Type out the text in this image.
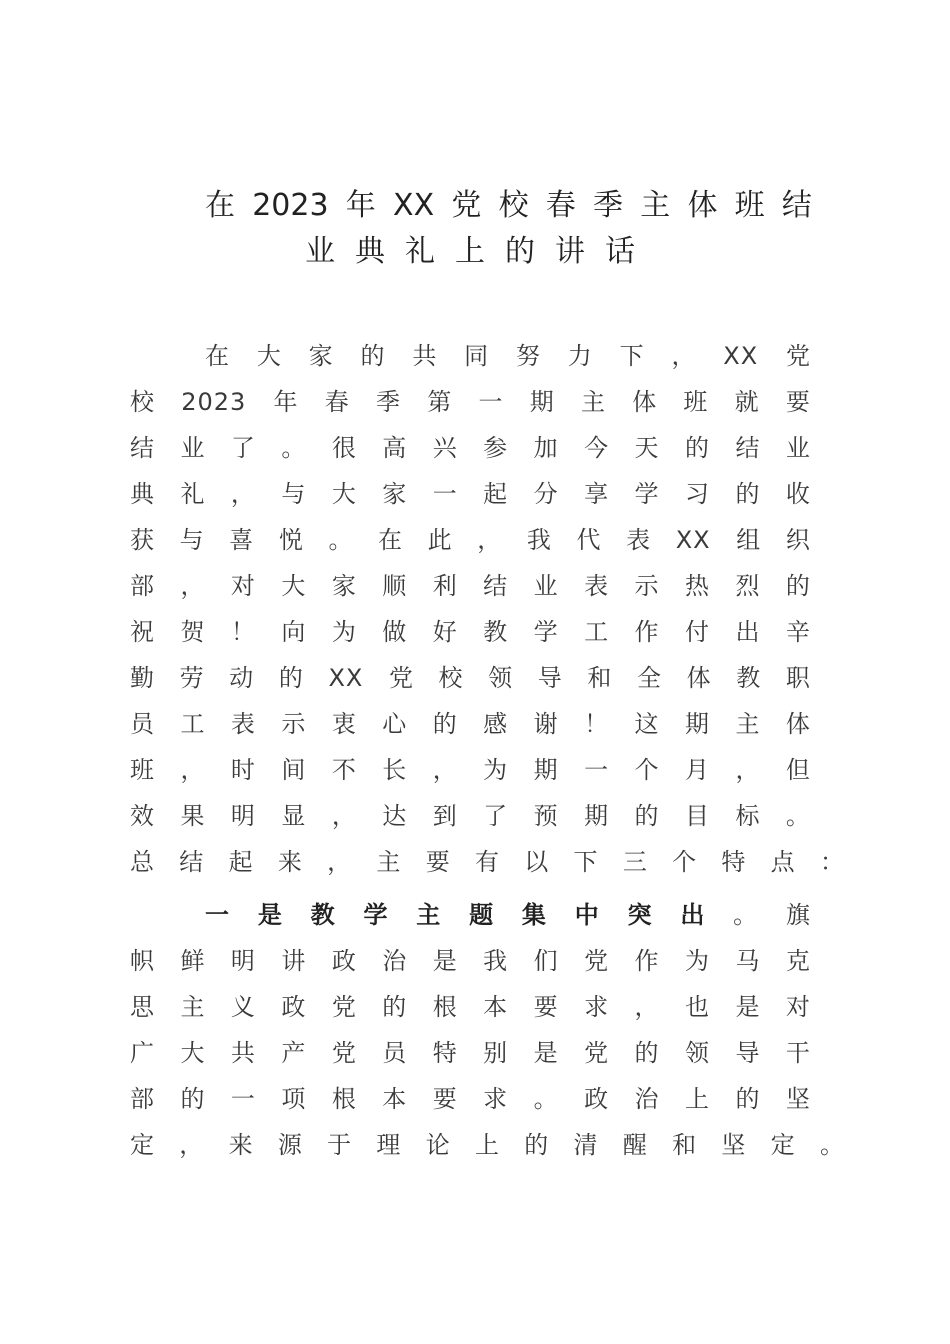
在 2023 年 XX 党 校 春 季 主 体 班 结
业 典 礼 上 的 讲 话
在 大 家 的 共 同 努 力 下 ， XX 党
校 2023 年 春 季 第 一 期 主 体 班 就 要
结 业 了 。 很 高 兴 参 加 今 天 的 结 业
典 礼 ， 与 大 家 一 起 分 享 学 习 的 收
获 与 喜 悦 。 在 此 ， 我 代 表 XX 组 织
部 ， 对 大 家 顺 利 结 业 表 示 热 烈 的
祝 贺 ！ 向 为 做 好 教 学 工 作 付 出 辛
勤 劳 动 的 XX 党 校 领 导 和 全 体 教 职
员 工 表 示 衷 心 的 感 谢 ！ 这 期 主 体
班 ， 时 间 不 长 ， 为 期 一 个 月 ， 但
效 果 明 显 ， 达 到 了 预 期 的 目 标 。
总 结 起 来 ， 主 要 有 以 下 三 个 特 点 ：
一 是 教 学 主 题 集 中 突 出 。 旗
帜 鲜 明 讲 政 治 是 我 们 党 作 为 马 克
思 主 义 政 党 的 根 本 要 求 ， 也 是 对
广 大 共 产 党 员 特 别 是 党 的 领 导 干
部 的 一 项 根 本 要 求 。 政 治 上 的 坚
定 ， 来 源 于 理 论 上 的 清 醒 和 坚 定 。
